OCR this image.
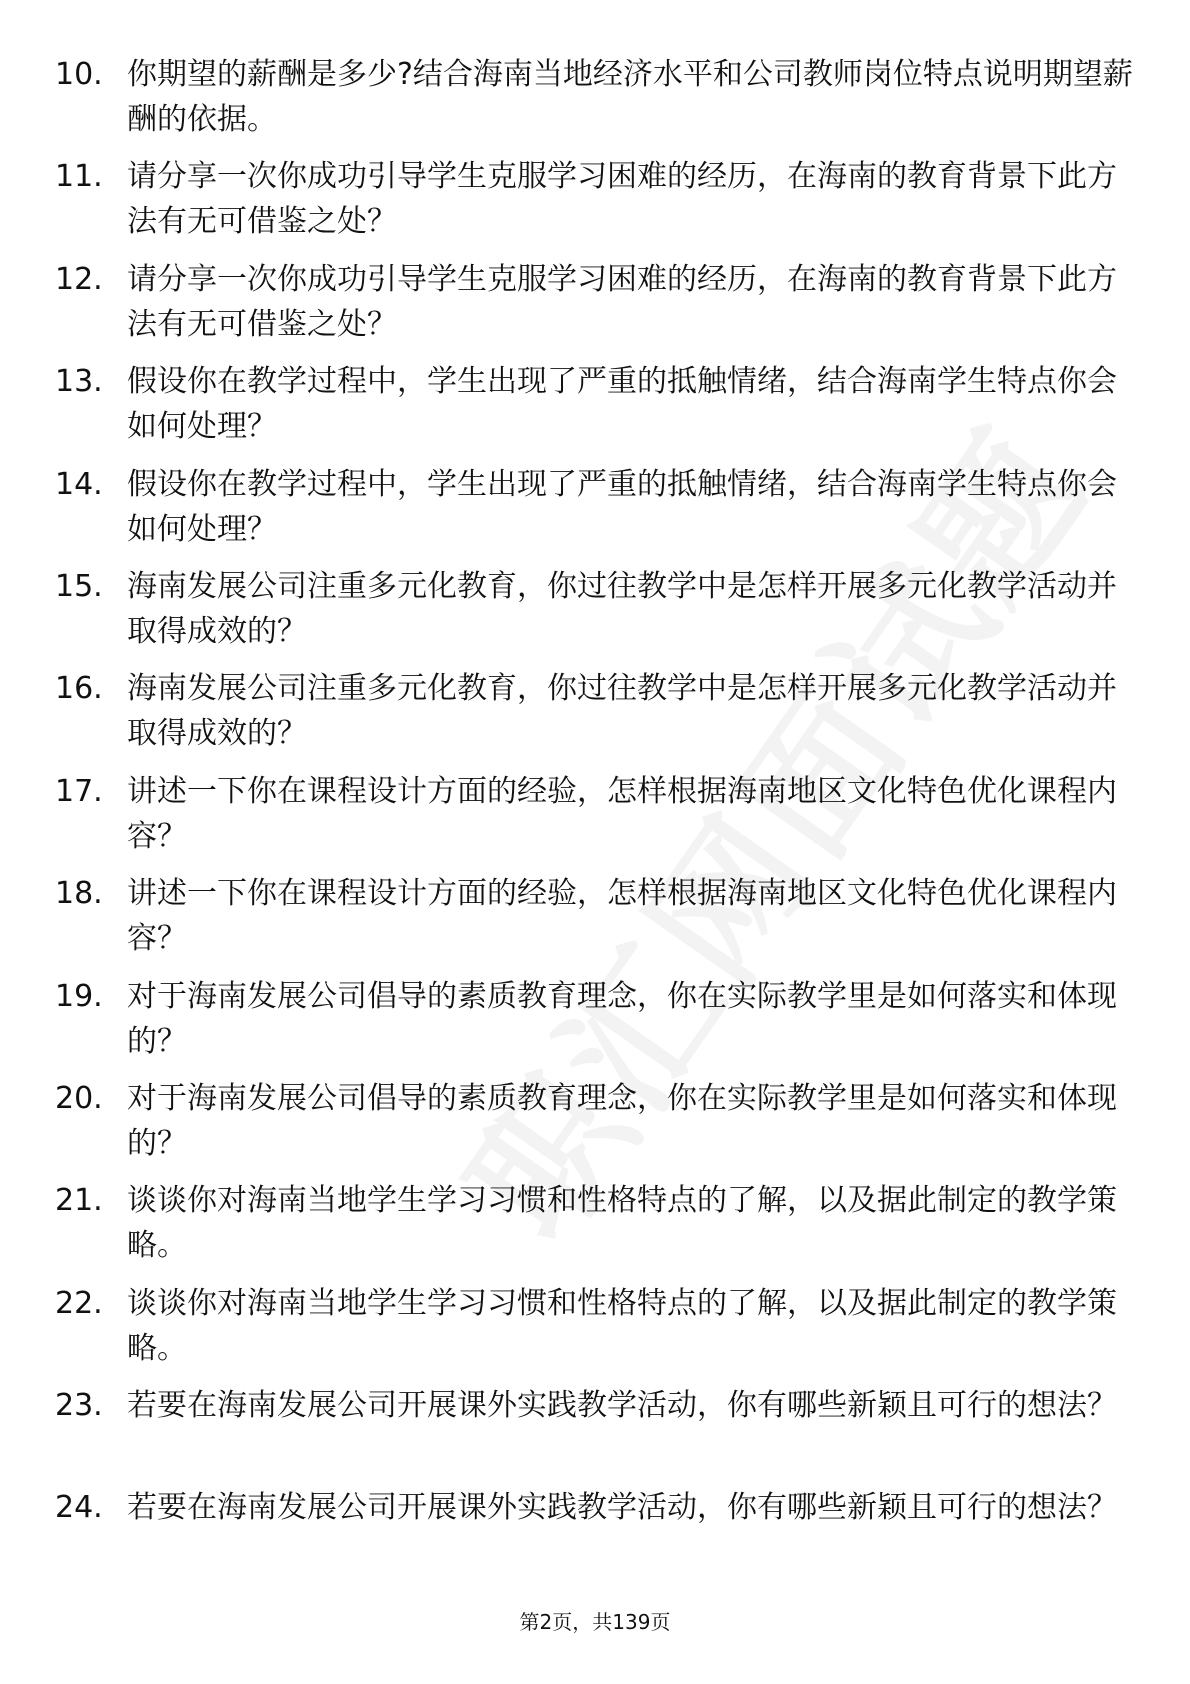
10. 你期望的薪酬是多少?结合海南当地经济水平和公司教师岗位特点说明期望薪酬的依据。
11. 请分享一次你成功引导学生克服学习困难的经历，在海南的教育背景下此方法有无可借鉴之处？
12. 请分享一次你成功引导学生克服学习困难的经历，在海南的教育背景下此方法有无可借鉴之处？
13. 假设你在教学过程中，学生出现了严重的抵触情绪，结合海南学生特点你会如何处理？
14. 假设你在教学过程中，学生出现了严重的抵触情绪，结合海南学生特点你会如何处理？
15. 海南发展公司注重多元化教育，你过往教学中是怎样开展多元化教学活动并取得成效的？
16. 海南发展公司注重多元化教育，你过往教学中是怎样开展多元化教学活动并取得成效的？
17. 讲述一下你在课程设计方面的经验，怎样根据海南地区文化特色优化课程内容？
18. 讲述一下你在课程设计方面的经验，怎样根据海南地区文化特色优化课程内容？
19. 对于海南发展公司倡导的素质教育理念，你在实际教学里是如何落实和体现的？
20. 对于海南发展公司倡导的素质教育理念，你在实际教学里是如何落实和体现的？
21. 谈谈你对海南当地学生学习习惯和性格特点的了解，以及据此制定的教学策略。
22. 谈谈你对海南当地学生学习习惯和性格特点的了解，以及据此制定的教学策略。
23. 若要在海南发展公司开展课外实践教学活动，你有哪些新颖且可行的想法？
24. 若要在海南发展公司开展课外实践教学活动，你有哪些新颖且可行的想法？
第2页，共139页
